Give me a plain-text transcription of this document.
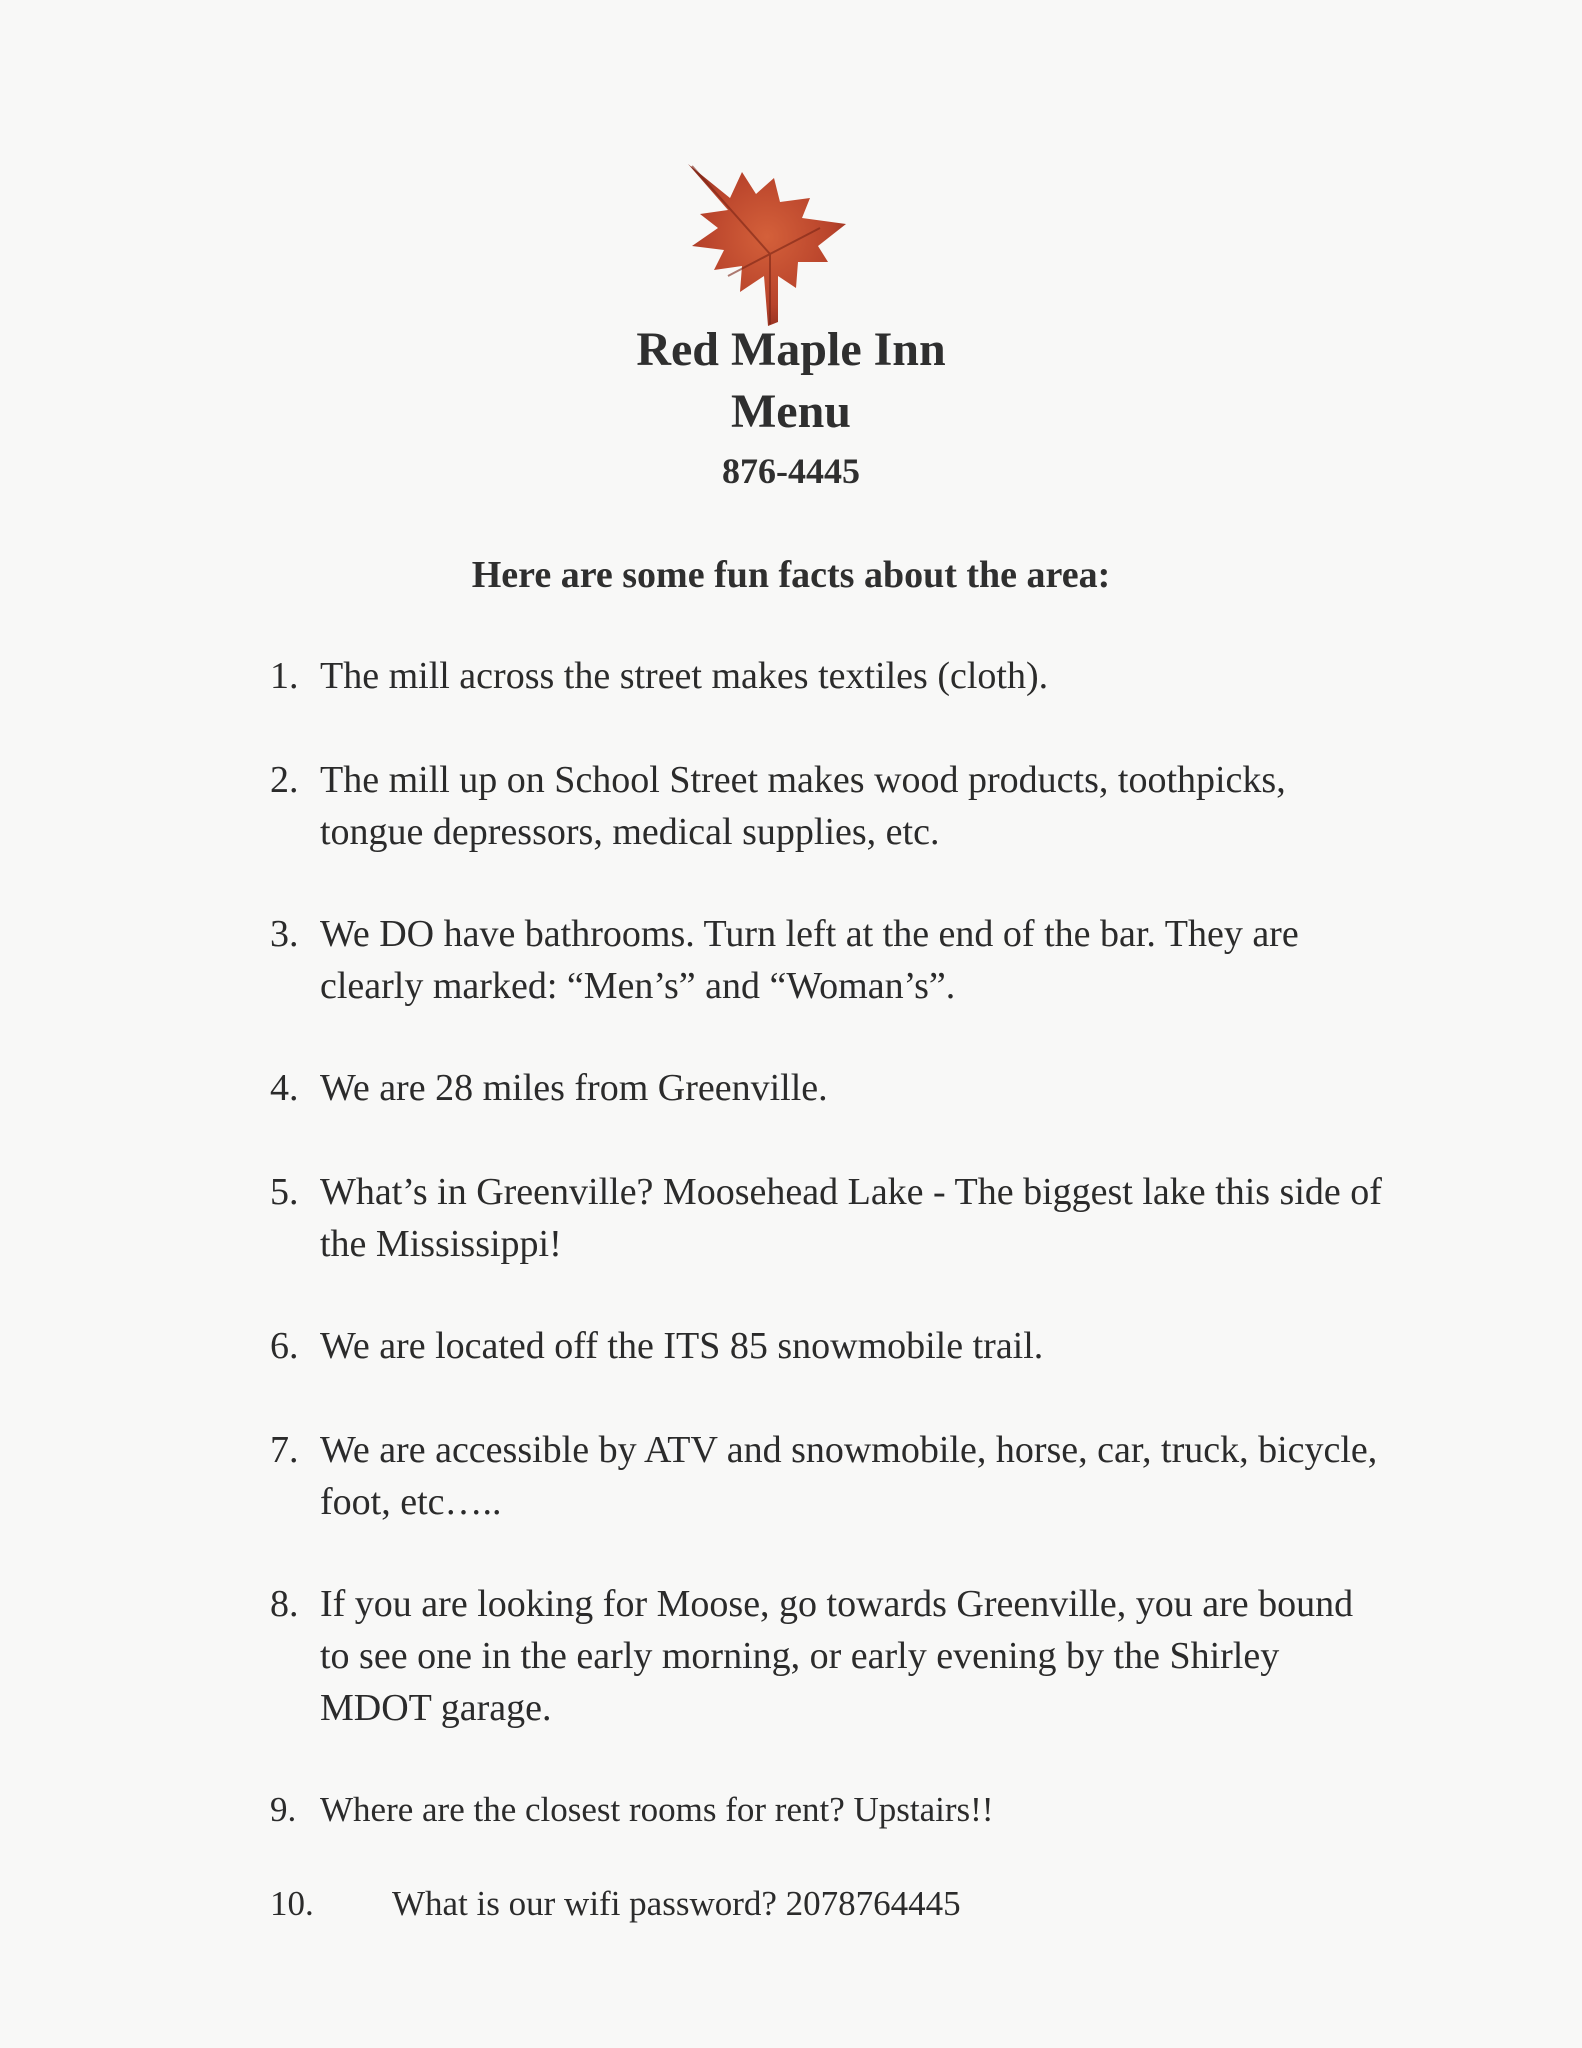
Red Maple Inn
Menu
876-4445
Here are some fun facts about the area:
1. The mill across the street makes textiles (cloth).
2. The mill up on School Street makes wood products, toothpicks, tongue depressors, medical supplies, etc.
3. We DO have bathrooms. Turn left at the end of the bar. They are clearly marked: “Men’s” and “Woman’s”.
4. We are 28 miles from Greenville.
5. What’s in Greenville? Moosehead Lake - The biggest lake this side of the Mississippi!
6. We are located off the ITS 85 snowmobile trail.
7. We are accessible by ATV and snowmobile, horse, car, truck, bicycle, foot, etc…..
8. If you are looking for Moose, go towards Greenville, you are bound to see one in the early morning, or early evening by the Shirley MDOT garage.
9. Where are the closest rooms for rent? Upstairs!!
10.	What is our wifi password? 2078764445
